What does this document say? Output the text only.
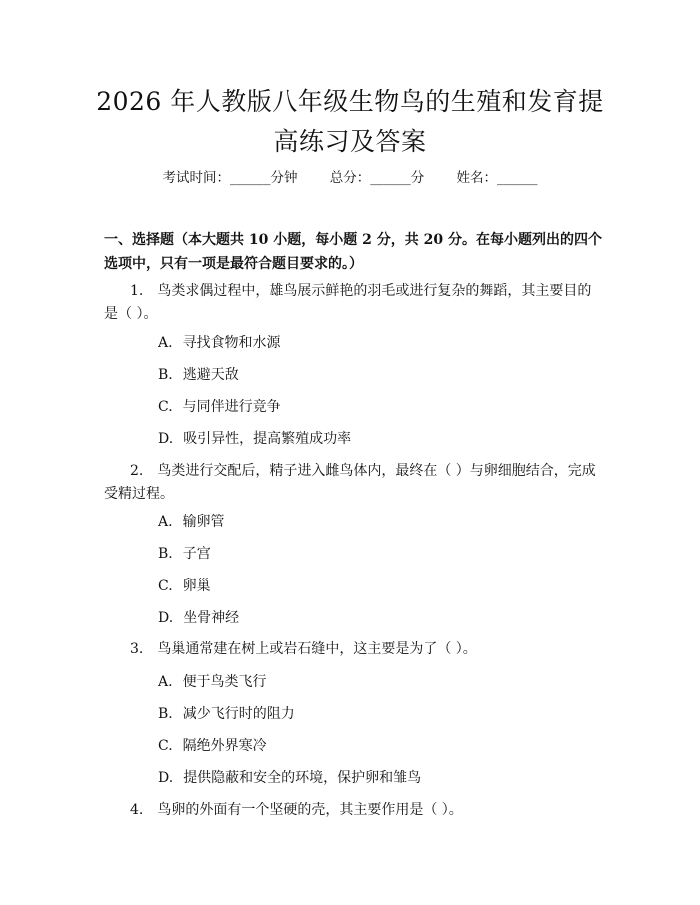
2026 年人教版八年级生物鸟的生殖和发育提
高练习及答案
考试时间：______分钟 总分：______分 姓名：______
一、选择题（本大题共 10 小题，每小题 2 分，共 20 分。在每小题列出的四个选项中，只有一项是最符合题目要求的。）
1. 鸟类求偶过程中，雄鸟展示鲜艳的羽毛或进行复杂的舞蹈，其主要目的是（ ）。
A. 寻找食物和水源
B. 逃避天敌
C. 与同伴进行竞争
D. 吸引异性，提高繁殖成功率
2. 鸟类进行交配后，精子进入雌鸟体内，最终在（ ）与卵细胞结合，完成受精过程。
A. 输卵管
B. 子宫
C. 卵巢
D. 坐骨神经
3. 鸟巢通常建在树上或岩石缝中，这主要是为了（ ）。
A. 便于鸟类飞行
B. 减少飞行时的阻力
C. 隔绝外界寒冷
D. 提供隐蔽和安全的环境，保护卵和雏鸟
4. 鸟卵的外面有一个坚硬的壳，其主要作用是（ ）。
